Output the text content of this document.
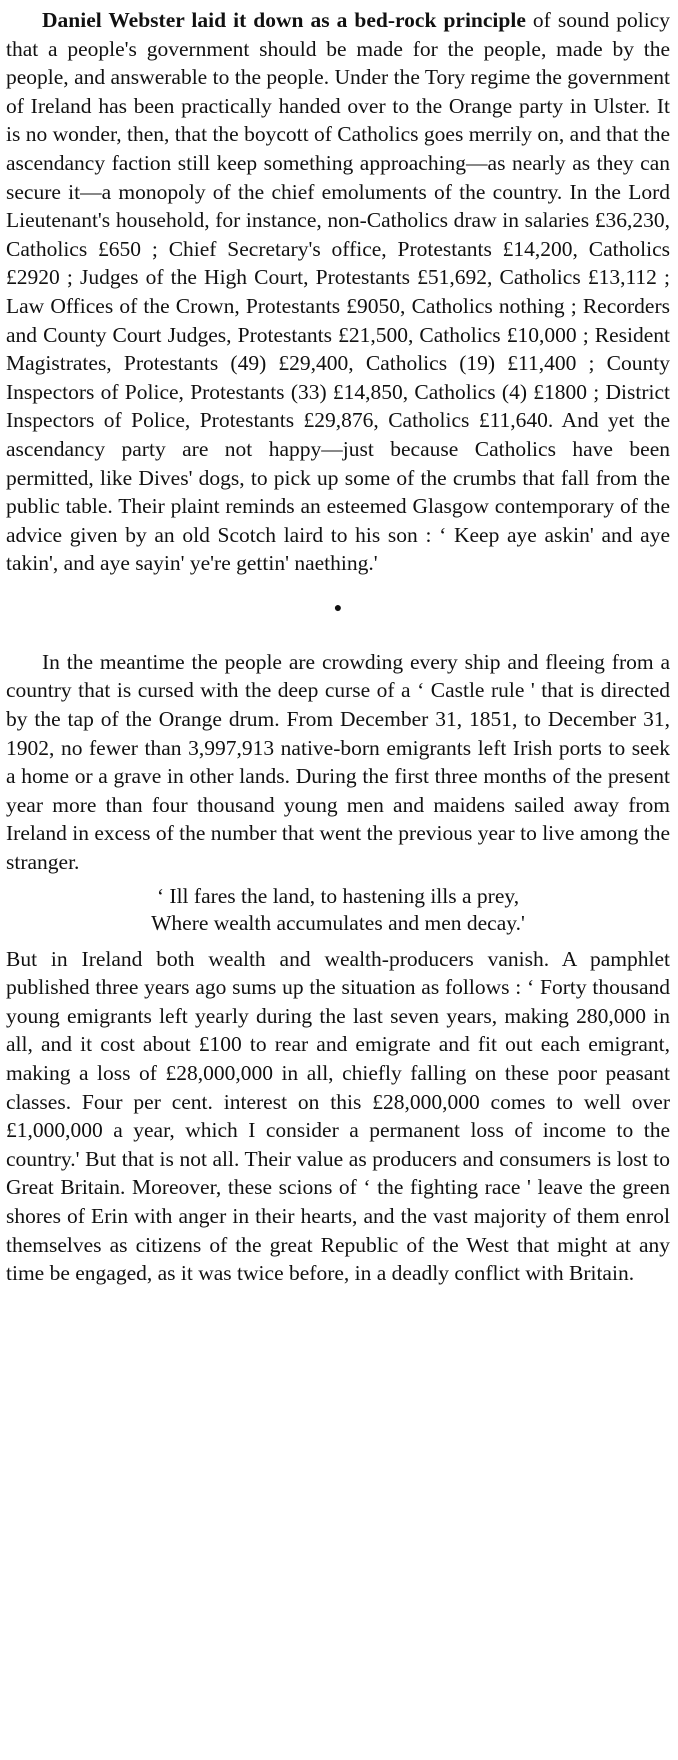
Daniel Webster laid it down as a bed-rock principle of sound policy that a people's government should be made for the people, made by the people, and answerable to the people. Under the Tory regime the government of Ireland has been practically handed over to the Orange party in Ulster. It is no wonder, then, that the boycott of Catholics goes merrily on, and that the ascendancy faction still keep something approaching—as nearly as they can secure it—a monopoly of the chief emoluments of the country. In the Lord Lieutenant's household, for instance, non-Catholics draw in salaries £36,230, Catholics £650 ; Chief Secretary's office, Protestants £14,200, Catholics £2920 ; Judges of the High Court, Protestants £51,692, Catholics £13,112 ; Law Offices of the Crown, Protestants £9050, Catholics nothing ; Recorders and County Court Judges, Protestants £21,500, Catholics £10,000 ; Resident Magistrates, Protestants (49) £29,400, Catholics (19) £11,400 ; County Inspectors of Police, Protestants (33) £14,850, Catholics (4) £1800 ; District Inspectors of Police, Protestants £29,876, Catholics £11,640. And yet the ascendancy party are not happy—just because Catholics have been permitted, like Dives' dogs, to pick up some of the crumbs that fall from the public table. Their plaint reminds an esteemed Glasgow contemporary of the advice given by an old Scotch laird to his son : ‘ Keep aye askin' and aye takin', and aye sayin' ye're gettin' naething.'

●

In the meantime the people are crowding every ship and fleeing from a country that is cursed with the deep curse of a ‘ Castle rule ' that is directed by the tap of the Orange drum. From December 31, 1851, to December 31, 1902, no fewer than 3,997,913 native-born emigrants left Irish ports to seek a home or a grave in other lands. During the first three months of the present year more than four thousand young men and maidens sailed away from Ireland in excess of the number that went the previous year to live among the stranger.

‘ Ill fares the land, to hastening ills a prey,
Where wealth accumulates and men decay.'

But in Ireland both wealth and wealth-producers vanish. A pamphlet published three years ago sums up the situation as follows : ‘ Forty thousand young emigrants left yearly during the last seven years, making 280,000 in all, and it cost about £100 to rear and emigrate and fit out each emigrant, making a loss of £28,000,000 in all, chiefly falling on these poor peasant classes. Four per cent. interest on this £28,000,000 comes to well over £1,000,000 a year, which I consider a permanent loss of income to the country.' But that is not all. Their value as producers and consumers is lost to Great Britain. Moreover, these scions of ‘ the fighting race ' leave the green shores of Erin with anger in their hearts, and the vast majority of them enrol themselves as citizens of the great Republic of the West that might at any time be engaged, as it was twice before, in a deadly conflict with Britain.
